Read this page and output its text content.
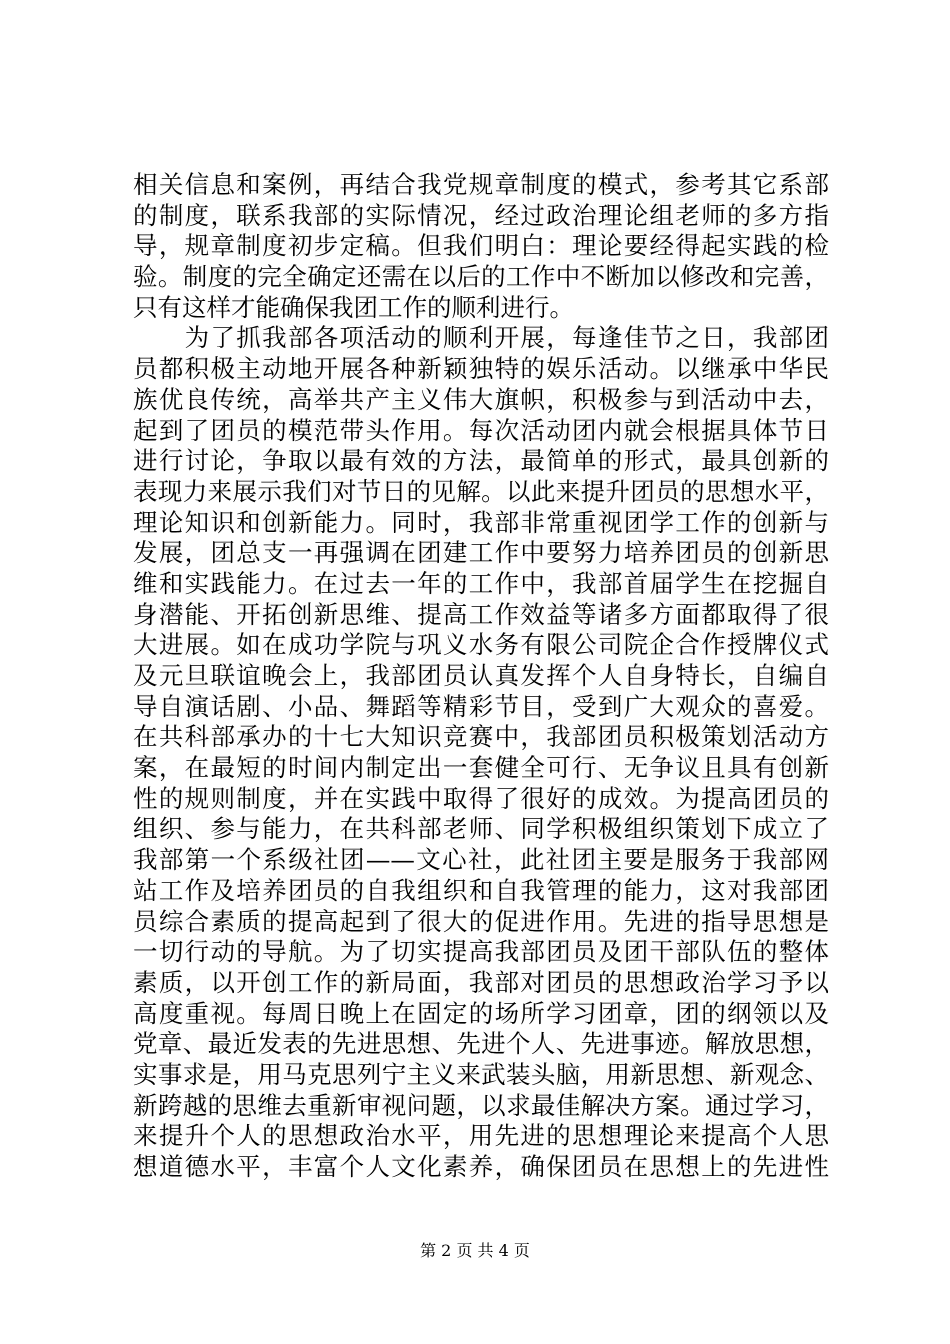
相关信息和案例，再结合我党规章制度的模式，参考其它系部
的制度，联系我部的实际情况，经过政治理论组老师的多方指
导，规章制度初步定稿。但我们明白：理论要经得起实践的检
验。制度的完全确定还需在以后的工作中不断加以修改和完善，
只有这样才能确保我团工作的顺利进行。
　　为了抓我部各项活动的顺利开展，每逢佳节之日，我部团
员都积极主动地开展各种新颖独特的娱乐活动。以继承中华民
族优良传统，高举共产主义伟大旗帜，积极参与到活动中去，
起到了团员的模范带头作用。每次活动团内就会根据具体节日
进行讨论，争取以最有效的方法，最简单的形式，最具创新的
表现力来展示我们对节日的见解。以此来提升团员的思想水平，
理论知识和创新能力。同时，我部非常重视团学工作的创新与
发展，团总支一再强调在团建工作中要努力培养团员的创新思
维和实践能力。在过去一年的工作中，我部首届学生在挖掘自
身潜能、开拓创新思维、提高工作效益等诸多方面都取得了很
大进展。如在成功学院与巩义水务有限公司院企合作授牌仪式
及元旦联谊晚会上，我部团员认真发挥个人自身特长，自编自
导自演话剧、小品、舞蹈等精彩节目，受到广大观众的喜爱。
在共科部承办的十七大知识竞赛中，我部团员积极策划活动方
案，在最短的时间内制定出一套健全可行、无争议且具有创新
性的规则制度，并在实践中取得了很好的成效。为提高团员的
组织、参与能力，在共科部老师、同学积极组织策划下成立了
我部第一个系级社团——文心社，此社团主要是服务于我部网
站工作及培养团员的自我组织和自我管理的能力，这对我部团
员综合素质的提高起到了很大的促进作用。先进的指导思想是
一切行动的导航。为了切实提高我部团员及团干部队伍的整体
素质，以开创工作的新局面，我部对团员的思想政治学习予以
高度重视。每周日晚上在固定的场所学习团章，团的纲领以及
党章、最近发表的先进思想、先进个人、先进事迹。解放思想，
实事求是，用马克思列宁主义来武装头脑，用新思想、新观念、
新跨越的思维去重新审视问题，以求最佳解决方案。通过学习，
来提升个人的思想政治水平，用先进的思想理论来提高个人思
想道德水平，丰富个人文化素养，确保团员在思想上的先进性
第 2 页 共 4 页
